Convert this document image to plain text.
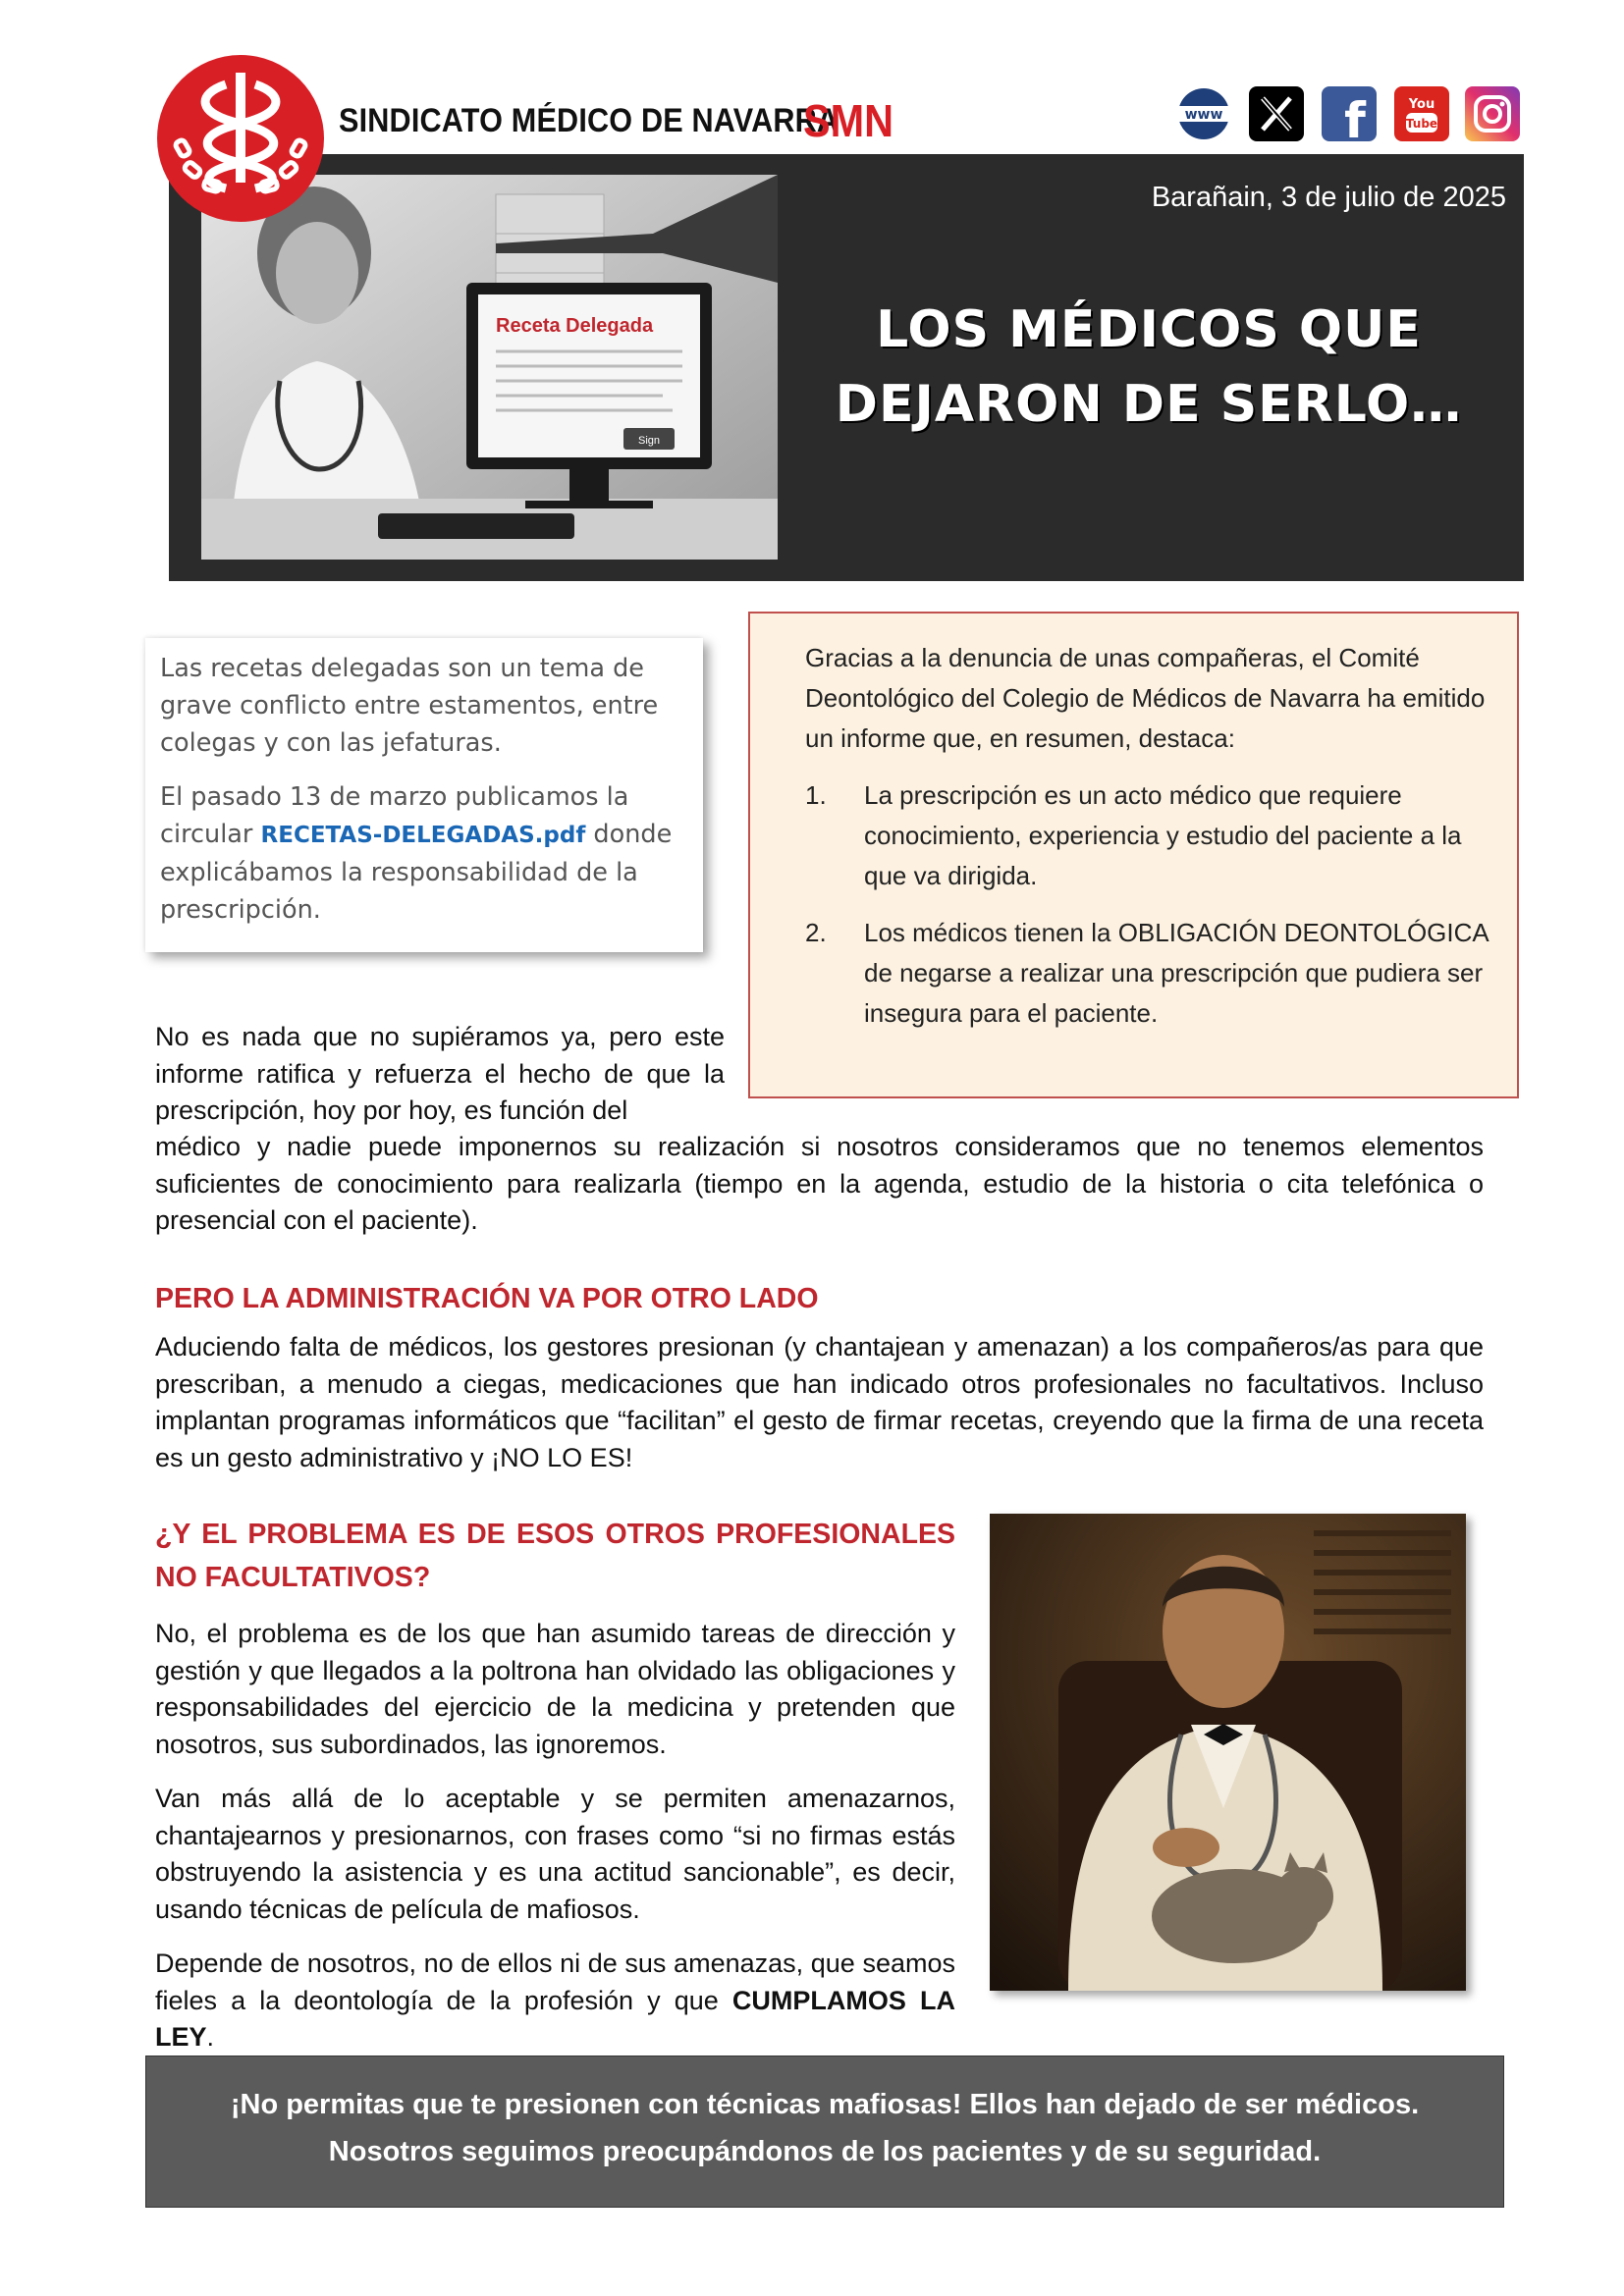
SINDICATO MÉDICO DE NAVARRA
SMN	www f	You
Tube
Receta Delegada
Sign
Barañain, 3 de julio de 2025
LOS MÉDICOS QUE
DEJARON DE SERLO…

Las recetas delegadas son un tema de grave conflicto entre estamentos, entre colegas y con las jefaturas.

El pasado 13 de marzo publicamos la circular RECETAS-DELEGADAS.pdf donde explicábamos la responsabilidad de la prescripción.

Gracias a la denuncia de unas compañeras, el Comité Deontológico del Colegio de Médicos de Navarra ha emitido un informe que, en resumen, destaca:

1. La prescripción es un acto médico que requiere conocimiento, experiencia y estudio del paciente a la que va dirigida.
2. Los médicos tienen la OBLIGACIÓN DEONTOLÓGICA de negarse a realizar una prescripción que pudiera ser insegura para el paciente.
No es nada que no supiéramos ya, pero este informe ratifica y refuerza el hecho de que la prescripción, hoy por hoy, es función del
médico y nadie puede imponernos su realización si nosotros consideramos que no tenemos elementos suficientes de conocimiento para realizarla (tiempo en la agenda, estudio de la historia o cita telefónica o presencial con el paciente).
PERO LA ADMINISTRACIÓN VA POR OTRO LADO
Aduciendo falta de médicos, los gestores presionan (y chantajean y amenazan) a los compañeros/as para que prescriban, a menudo a ciegas, medicaciones que han indicado otros profesionales no facultativos. Incluso implantan programas informáticos que “facilitan” el gesto de firmar recetas, creyendo que la firma de una receta es un gesto administrativo y ¡NO LO ES!
¿Y EL PROBLEMA ES DE ESOS OTROS PROFESIONALES NO FACULTATIVOS?

No, el problema es de los que han asumido tareas de dirección y gestión y que llegados a la poltrona han olvidado las obligaciones y responsabilidades del ejercicio de la medicina y pretenden que nosotros, sus subordinados, las ignoremos.

Van más allá de lo aceptable y se permiten amenazarnos, chantajearnos y presionarnos, con frases como “si no firmas estás obstruyendo la asistencia y es una actitud sancionable”, es decir, usando técnicas de película de mafiosos.

Depende de nosotros, no de ellos ni de sus amenazas, que seamos fieles a la deontología de la profesión y que CUMPLAMOS LA LEY.

¡No permitas que te presionen con técnicas mafiosas! Ellos han dejado de ser médicos.
Nosotros seguimos preocupándonos de los pacientes y de su seguridad.
